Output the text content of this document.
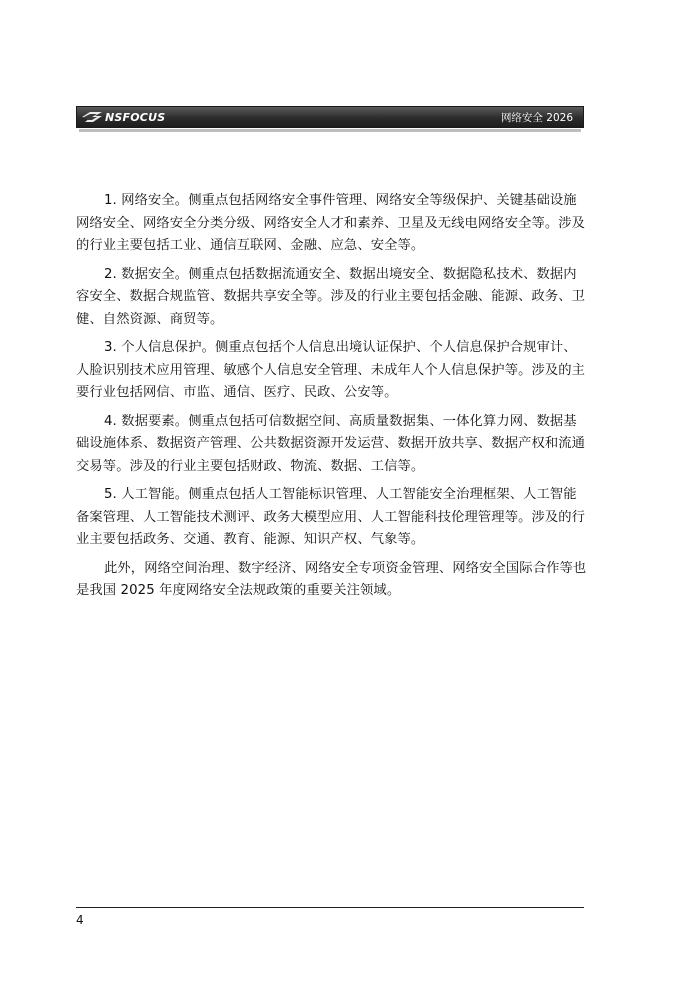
NSFOCUS	网络安全 2026

1. 网络安全。侧重点包括网络安全事件管理、网络安全等级保护、关键基础设施网络安全、网络安全分类分级、网络安全人才和素养、卫星及无线电网络安全等。涉及的行业主要包括工业、通信互联网、金融、应急、安全等。

2. 数据安全。侧重点包括数据流通安全、数据出境安全、数据隐私技术、数据内容安全、数据合规监管、数据共享安全等。涉及的行业主要包括金融、能源、政务、卫健、自然资源、商贸等。

3. 个人信息保护。侧重点包括个人信息出境认证保护、个人信息保护合规审计、人脸识别技术应用管理、敏感个人信息安全管理、未成年人个人信息保护等。涉及的主要行业包括网信、市监、通信、医疗、民政、公安等。

4. 数据要素。侧重点包括可信数据空间、高质量数据集、一体化算力网、数据基础设施体系、数据资产管理、公共数据资源开发运营、数据开放共享、数据产权和流通交易等。涉及的行业主要包括财政、物流、数据、工信等。

5. 人工智能。侧重点包括人工智能标识管理、人工智能安全治理框架、人工智能备案管理、人工智能技术测评、政务大模型应用、人工智能科技伦理管理等。涉及的行业主要包括政务、交通、教育、能源、知识产权、气象等。

此外，网络空间治理、数字经济、网络安全专项资金管理、网络安全国际合作等也是我国 2025 年度网络安全法规政策的重要关注领域。

4
